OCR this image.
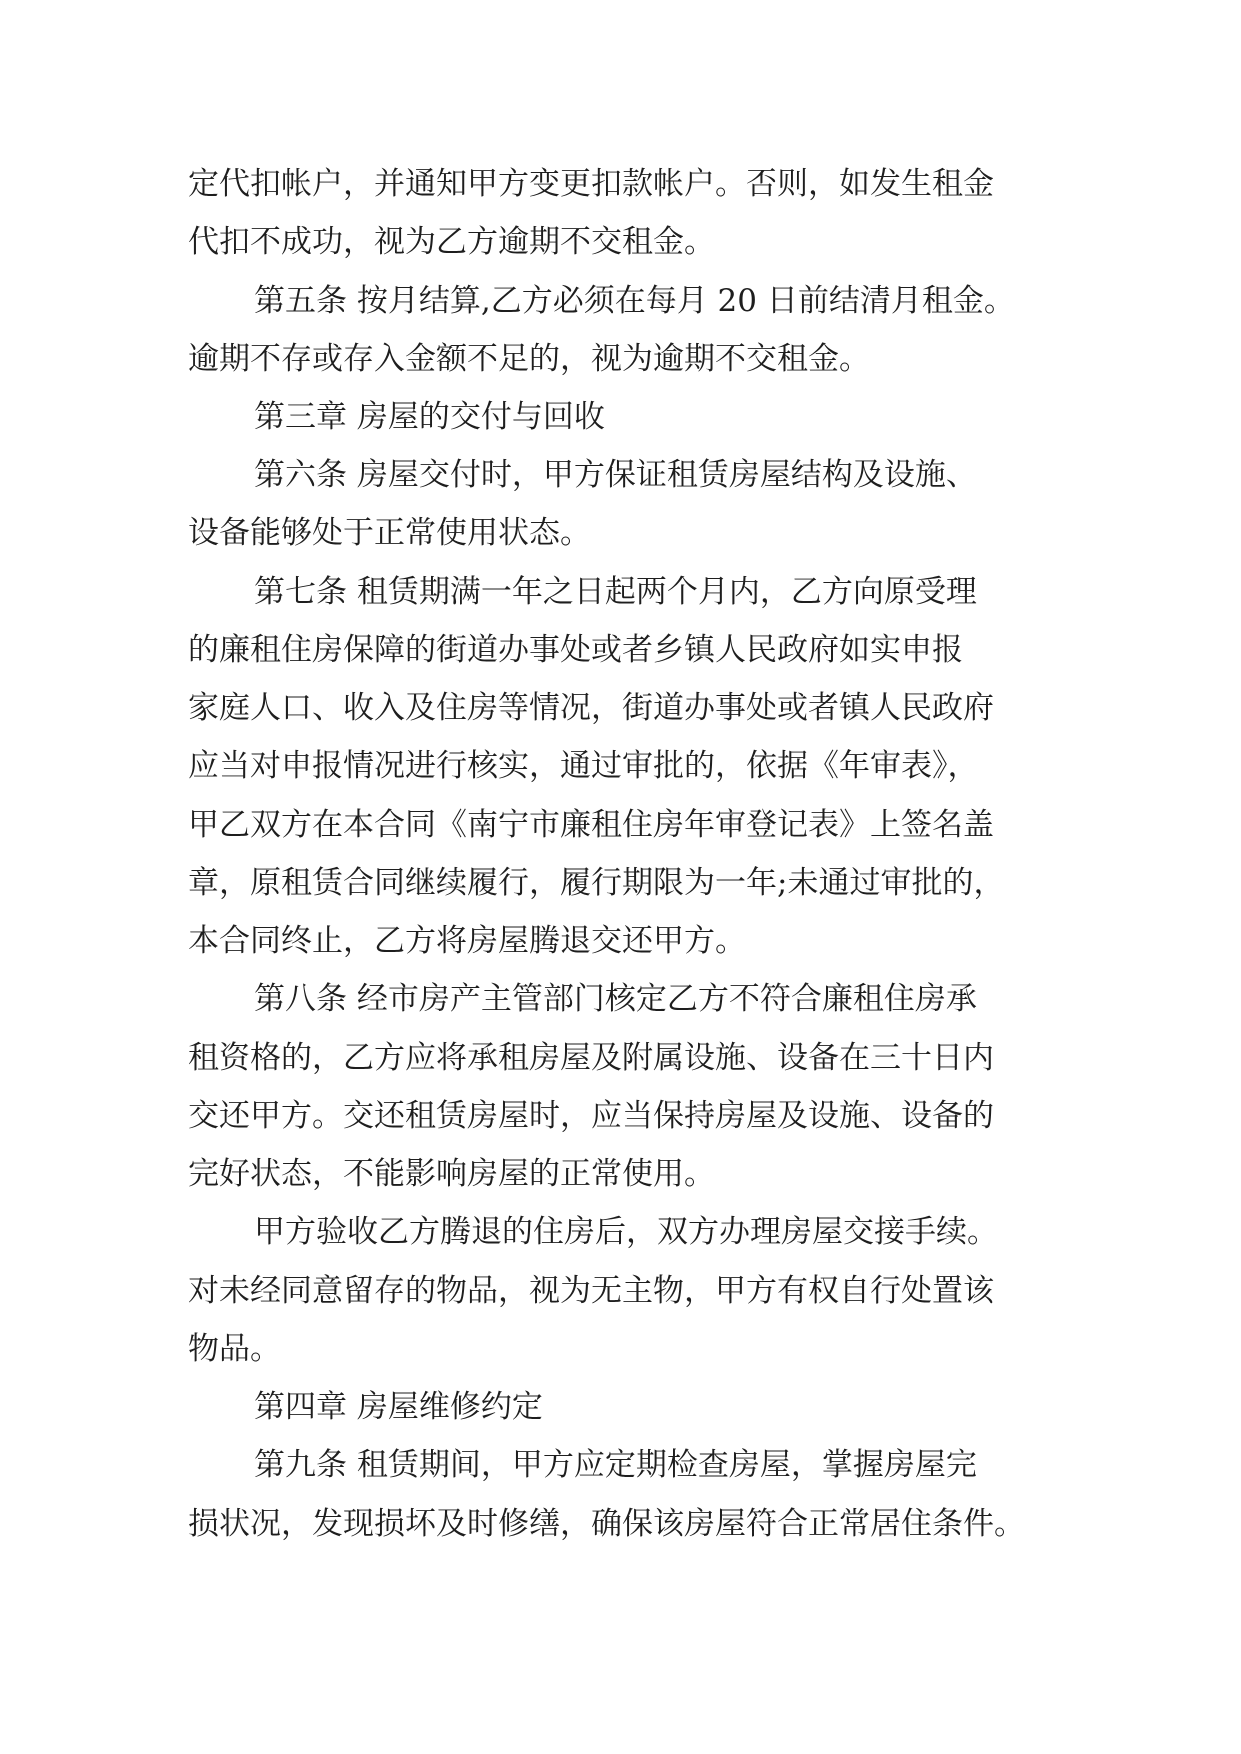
定代扣帐户，并通知甲方变更扣款帐户。否则，如发生租金

代扣不成功，视为乙方逾期不交租金。

第五条 按月结算,乙方必须在每月 20 日前结清月租金。

逾期不存或存入金额不足的，视为逾期不交租金。

第三章 房屋的交付与回收

第六条 房屋交付时，甲方保证租赁房屋结构及设施、

设备能够处于正常使用状态。

第七条 租赁期满一年之日起两个月内，乙方向原受理

的廉租住房保障的街道办事处或者乡镇人民政府如实申报

家庭人口、收入及住房等情况，街道办事处或者镇人民政府

应当对申报情况进行核实，通过审批的，依据《年审表》，

甲乙双方在本合同《南宁市廉租住房年审登记表》上签名盖

章，原租赁合同继续履行，履行期限为一年;未通过审批的，

本合同终止，乙方将房屋腾退交还甲方。

第八条 经市房产主管部门核定乙方不符合廉租住房承

租资格的，乙方应将承租房屋及附属设施、设备在三十日内

交还甲方。交还租赁房屋时，应当保持房屋及设施、设备的

完好状态，不能影响房屋的正常使用。

甲方验收乙方腾退的住房后，双方办理房屋交接手续。

对未经同意留存的物品，视为无主物，甲方有权自行处置该

物品。

第四章 房屋维修约定

第九条 租赁期间，甲方应定期检查房屋，掌握房屋完

损状况，发现损坏及时修缮，确保该房屋符合正常居住条件。
